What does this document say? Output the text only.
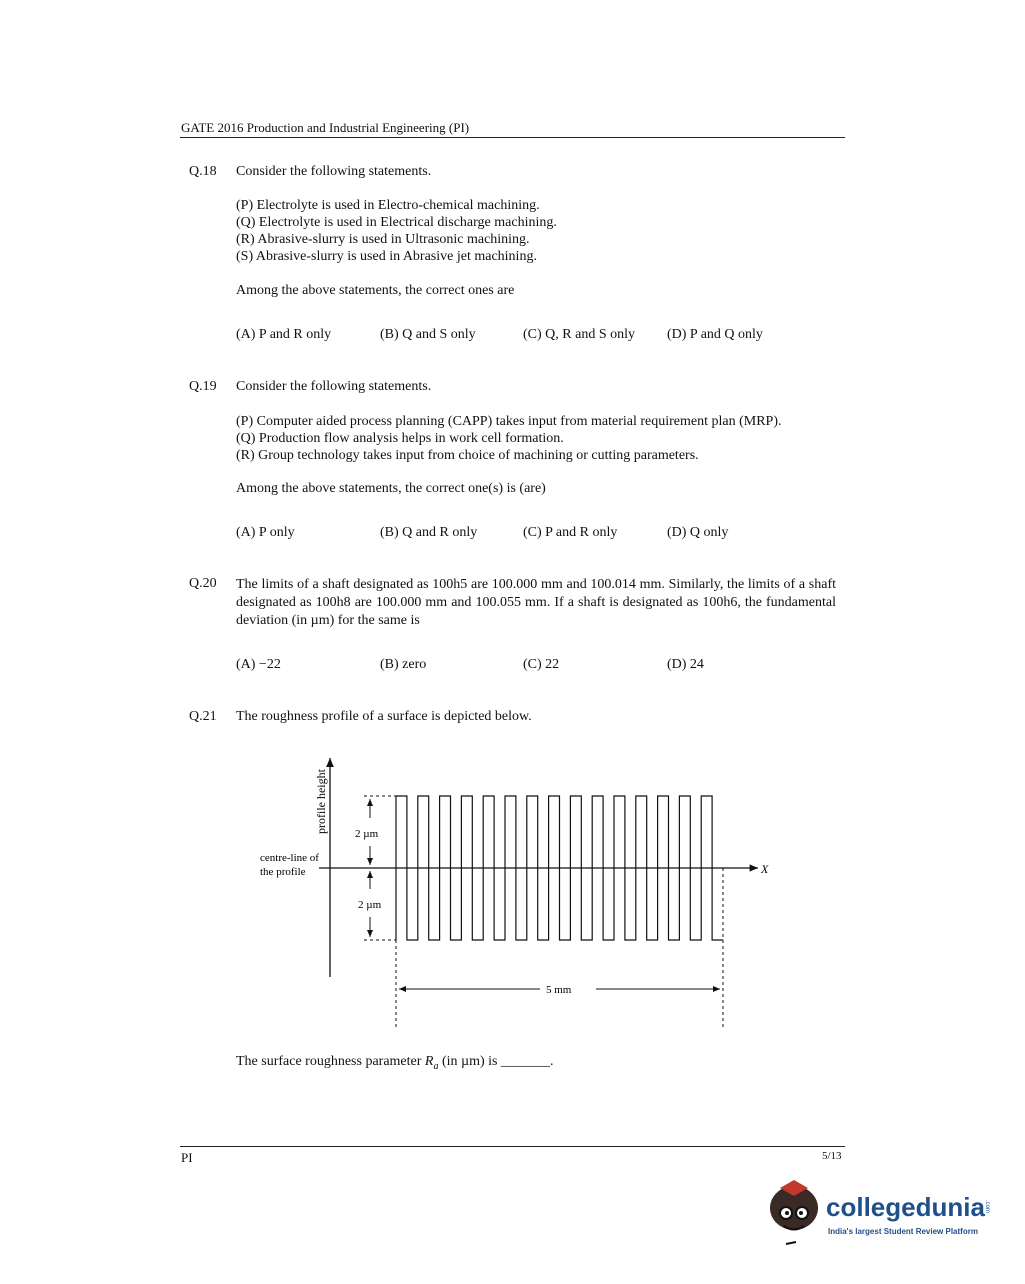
GATE 2016 Production and Industrial Engineering (PI)
Q.18 Consider the following statements.
(P) Electrolyte is used in Electro-chemical machining.
(Q) Electrolyte is used in Electrical discharge machining.
(R) Abrasive-slurry is used in Ultrasonic machining.
(S) Abrasive-slurry is used in Abrasive jet machining.
Among the above statements, the correct ones are
(A) P and R only	(B) Q and S only	(C) Q, R and S only (D) P and Q only
Q.19 Consider the following statements.
(P) Computer aided process planning (CAPP) takes input from material requirement plan (MRP).
(Q) Production flow analysis helps in work cell formation.
(R) Group technology takes input from choice of machining or cutting parameters.
Among the above statements, the correct one(s) is (are)
(A) P only	(B) Q and R only	(C) P and R only	(D) Q only
Q.20 The limits of a shaft designated as 100h5 are 100.000 mm and 100.014 mm. Similarly, the limits of a shaft designated as 100h8 are 100.000 mm and 100.055 mm. If a shaft is designated as 100h6, the fundamental deviation (in µm) for the same is
(A) −22	(B) zero	(C) 22	(D) 24
Q.21 The roughness profile of a surface is depicted below.
profile height
X
centre-line of
the profile
2 µm
2 µm
5 mm
The surface roughness parameter $R_a$ (in µm) is _______.
PI	5/13
collegedunia .com
India's largest Student Review Platform
